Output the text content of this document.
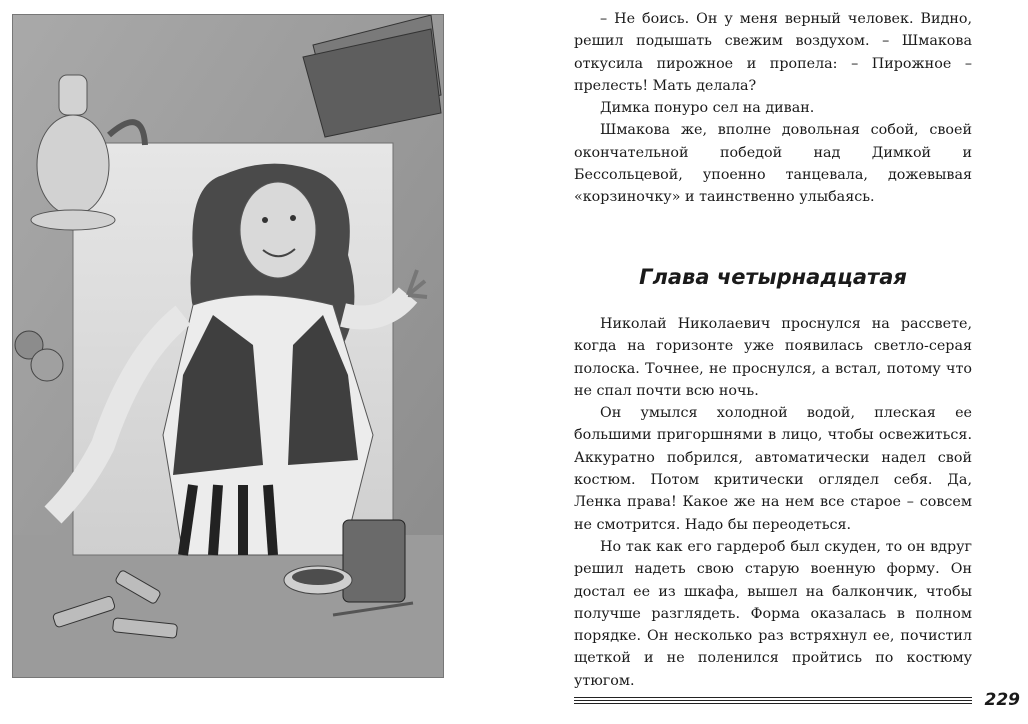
– Не боись. Он у меня верный человек. Видно, решил подышать свежим воздухом. – Шмакова откусила пирожное и пропела: – Пирожное – прелесть! Мать делала?

Димка понуро сел на диван.

Шмакова же, вполне довольная собой, своей окончательной победой над Димкой и Бессольцевой, упоенно танцевала, дожевывая «корзиночку» и таинственно улыбаясь.

Глава четырнадцатая

Николай Николаевич проснулся на рассвете, когда на горизонте уже появилась светло-серая полоска. Точнее, не проснулся, а встал, потому что не спал почти всю ночь.

Он умылся холодной водой, плеская ее большими пригоршнями в лицо, чтобы освежиться. Аккуратно побрился, автоматически надел свой костюм. Потом критически оглядел себя. Да, Ленка права! Какое же на нем все старое – совсем не смотрится. Надо бы переодеться.

Но так как его гардероб был скуден, то он вдруг решил надеть свою старую военную форму. Он достал ее из шкафа, вышел на балкончик, чтобы получше разглядеть. Форма оказалась в полном порядке. Он несколько раз встряхнул ее, почистил щеткой и не поленился пройтись по костюму утюгом.

229
